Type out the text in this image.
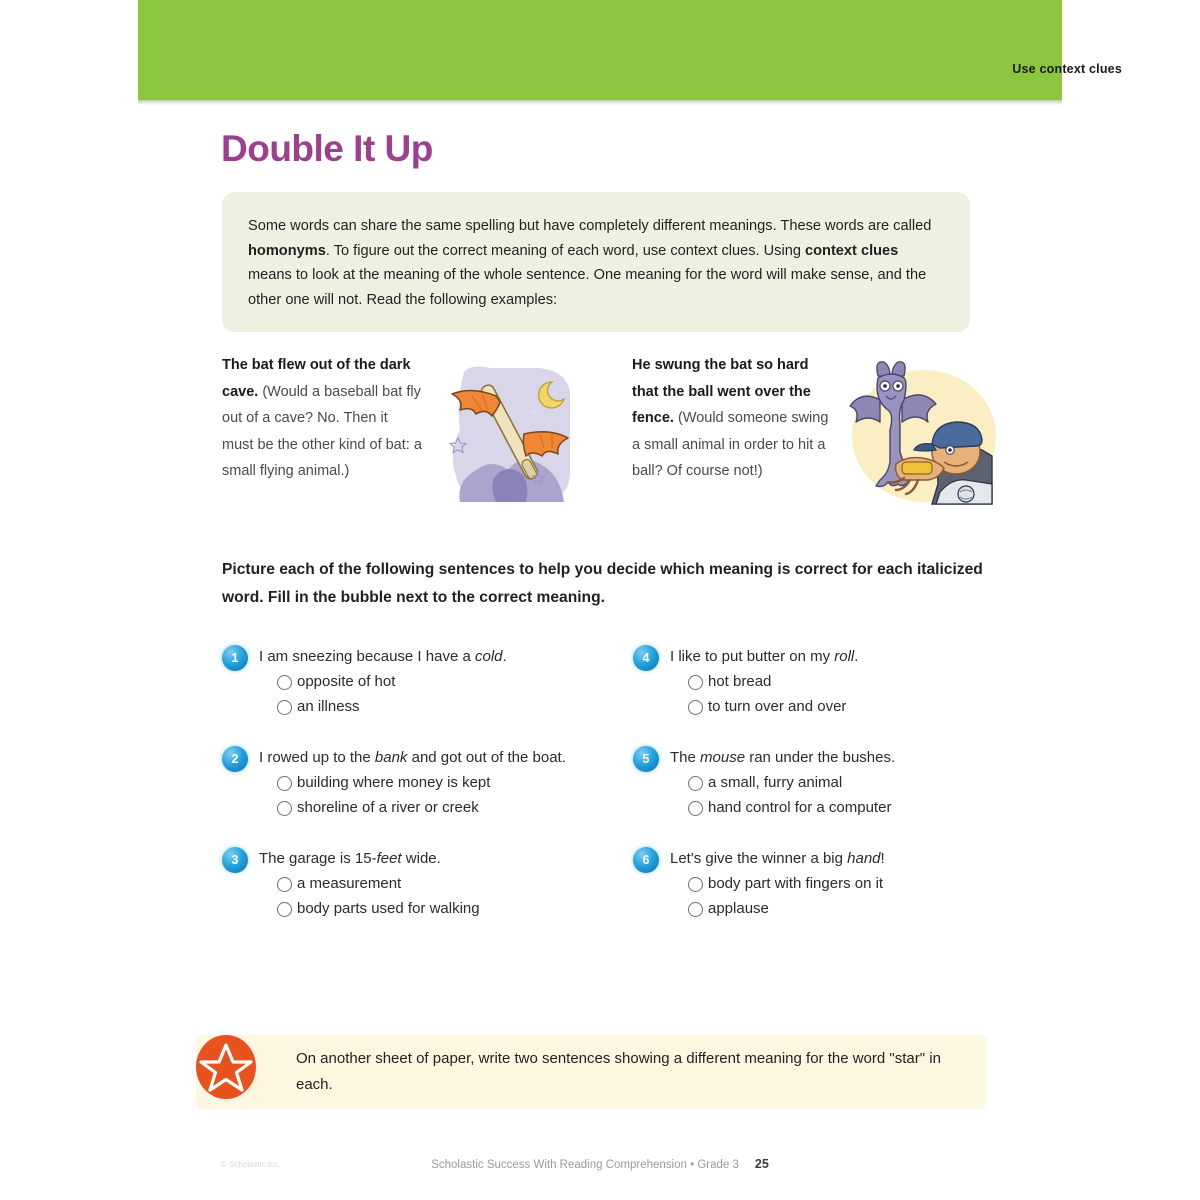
Use context clues
Double It Up

Some words can share the same spelling but have completely different meanings. These words are called homonyms. To figure out the correct meaning of each word, use context clues. Using context clues means to look at the meaning of the whole sentence. One meaning for the word will make sense, and the other one will not. Read the following examples:

The bat flew out of the dark cave. (Would a baseball bat fly out of a cave? No. Then it must be the other kind of bat: a small flying animal.)
He swung the bat so hard that the ball went over the fence. (Would someone swing a small animal in order to hit a ball? Of course not!)
Picture each of the following sentences to help you decide which meaning is correct for each italicized word. Fill in the bubble next to the correct meaning.
1	I am sneezing because I have a cold.
opposite of hot
an illness
2	I rowed up to the bank and got out of the boat.
building where money is kept
shoreline of a river or creek
3	The garage is 15-feet wide.
a measurement
body parts used for walking
4	I like to put butter on my roll.
hot bread
to turn over and over
5	The mouse ran under the bushes.
a small, furry animal
hand control for a computer
6	Let's give the winner a big hand!
body part with fingers on it
applause
On another sheet of paper, write two sentences showing a different meaning for the word "star" in each.
© Scholastic Inc.	Scholastic Success With Reading Comprehension • Grade 3 25
